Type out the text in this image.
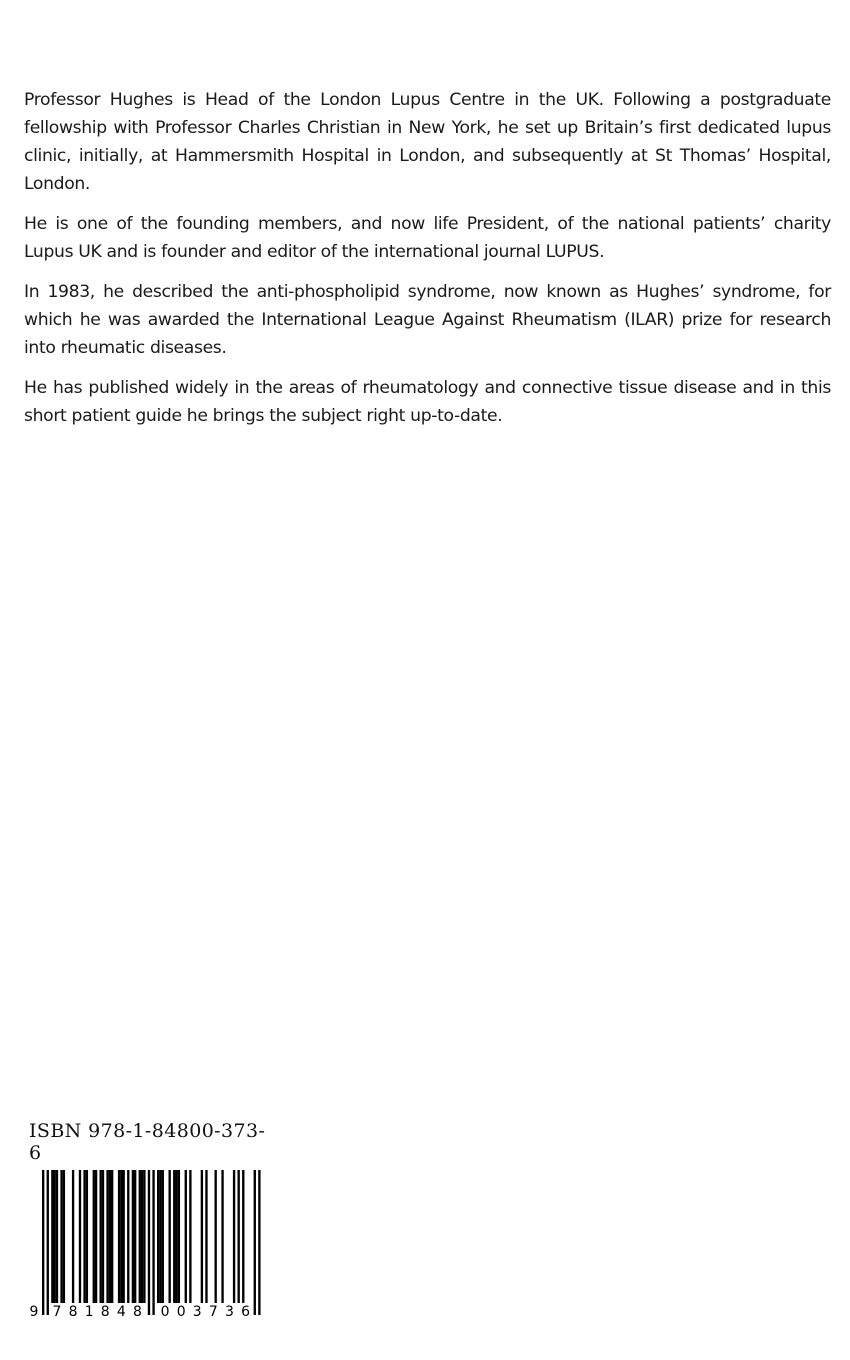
Professor Hughes is Head of the London Lupus Centre in the UK. Following a postgraduate fellowship with Professor Charles Christian in New York, he set up Britain’s first dedicated lupus clinic, initially, at Hammersmith Hospital in London, and subsequently at St Thomas’ Hospital, London.

He is one of the founding members, and now life President, of the national patients’ charity Lupus UK and is founder and editor of the international journal LUPUS.

In 1983, he described the anti-phospholipid syndrome, now known as Hughes’ syndrome, for which he was awarded the International League Against Rheumatism (ILAR) prize for research into rheumatic diseases.

He has published widely in the areas of rheumatology and connective tissue disease and in this short patient guide he brings the subject right up-to-date.

ISBN 978-1-84800-373-6
9 7 8 1 8 4 8 0 0 3 7 3 6
